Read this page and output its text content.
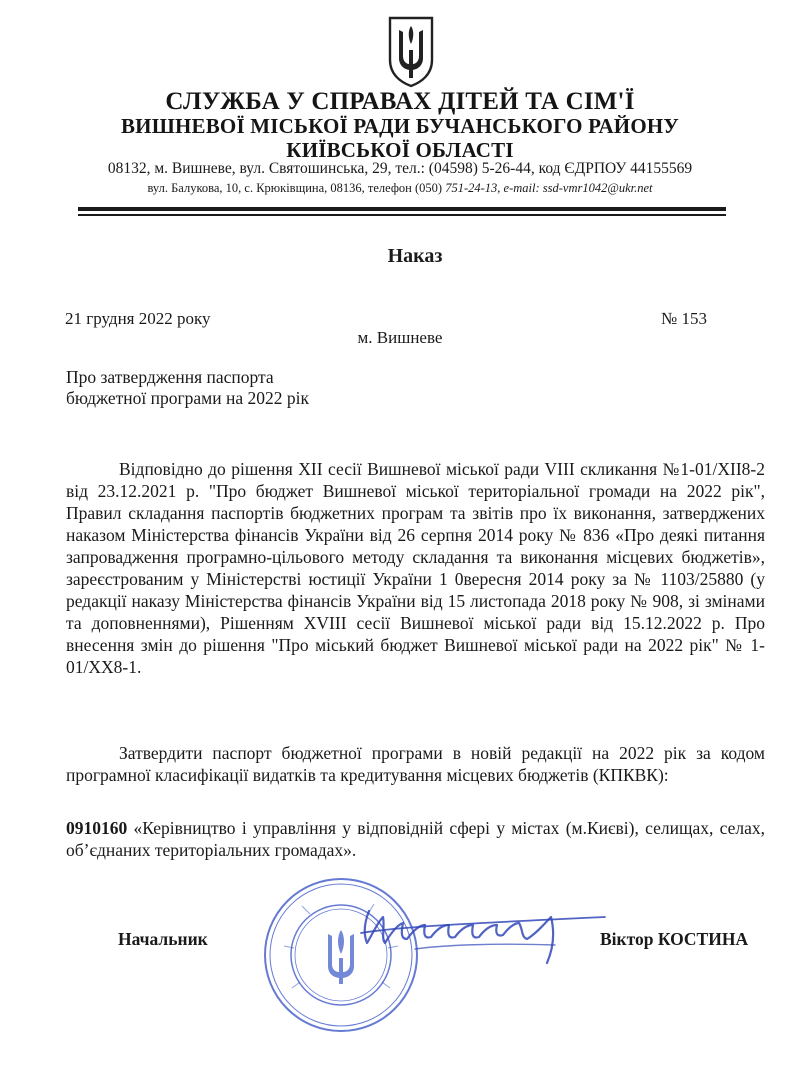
СЛУЖБА У СПРАВАХ ДІТЕЙ ТА СІМ'Ї
ВИШНЕВОЇ МІСЬКОЇ РАДИ БУЧАНСЬКОГО РАЙОНУ
КИЇВСЬКОЇ ОБЛАСТІ
08132, м. Вишневе, вул. Святошинська, 29, тел.: (04598) 5-26-44, код ЄДРПОУ 44155569
вул. Балукова, 10, с. Крюківщина, 08136, телефон (050) 751-24-13, e-mail: ssd-vmr1042@ukr.net
Наказ
21 грудня 2022 року	№ 153
м. Вишневе
Про затвердження паспорта
бюджетної програми на 2022 рік

Відповідно до рішення ХІІ сесії Вишневої міської ради VIII скликання №1-01/ХII8-2 від 23.12.2021 р. "Про бюджет Вишневої міської територіальної громади на 2022 рік", Правил складання паспортів бюджетних програм та звітів про їх виконання, затверджених наказом Міністерства фінансів України від 26 серпня 2014 року № 836 «Про деякі питання запровадження програмно-цільового методу складання та виконання місцевих бюджетів», зареєстрованим у Міністерстві юстиції України 1 0вересня 2014 року за № 1103/25880 (у редакції наказу Міністерства фінансів України від 15 листопада 2018 року № 908, зі змінами та доповненнями), Рішенням XVIII сесії Вишневої міської ради від 15.12.2022 р. Про внесення змін до рішення "Про міський бюджет Вишневої міської ради на 2022 рік" № 1-01/XX8-1.

Затвердити паспорт бюджетної програми в новій редакції на 2022 рік за кодом програмної класифікації видатків та кредитування місцевих бюджетів (КПКВК):

0910160 «Керівництво і управління у відповідній сфері у містах (м.Києві), селищах, селах, об’єднаних територіальних громадах».

Начальник	Віктор КОСТИНА
